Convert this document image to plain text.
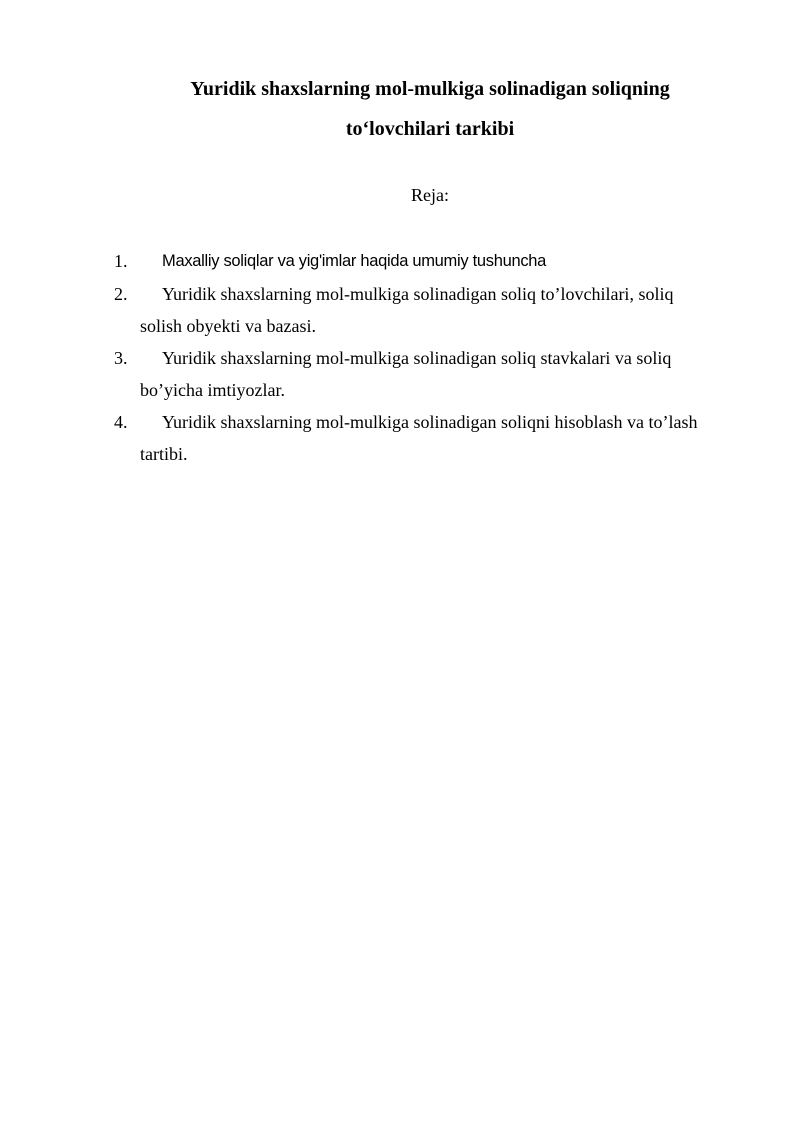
Yuridik shaxslarning mol-mulkiga solinadigan soliqning
to‘lovchilari tarkibi
Reja:
1. Maxalliy soliqlar va yig'imlar haqida umumiy tushuncha
2. Yuridik shaxslarning mol-mulkiga solinadigan soliq to’lovchilari, soliq
solish obyekti va bazasi.
3. Yuridik shaxslarning mol-mulkiga solinadigan soliq stavkalari va soliq
bo’yicha imtiyozlar.
4. Yuridik shaxslarning mol-mulkiga solinadigan soliqni hisoblash va to’lash
tartibi.
